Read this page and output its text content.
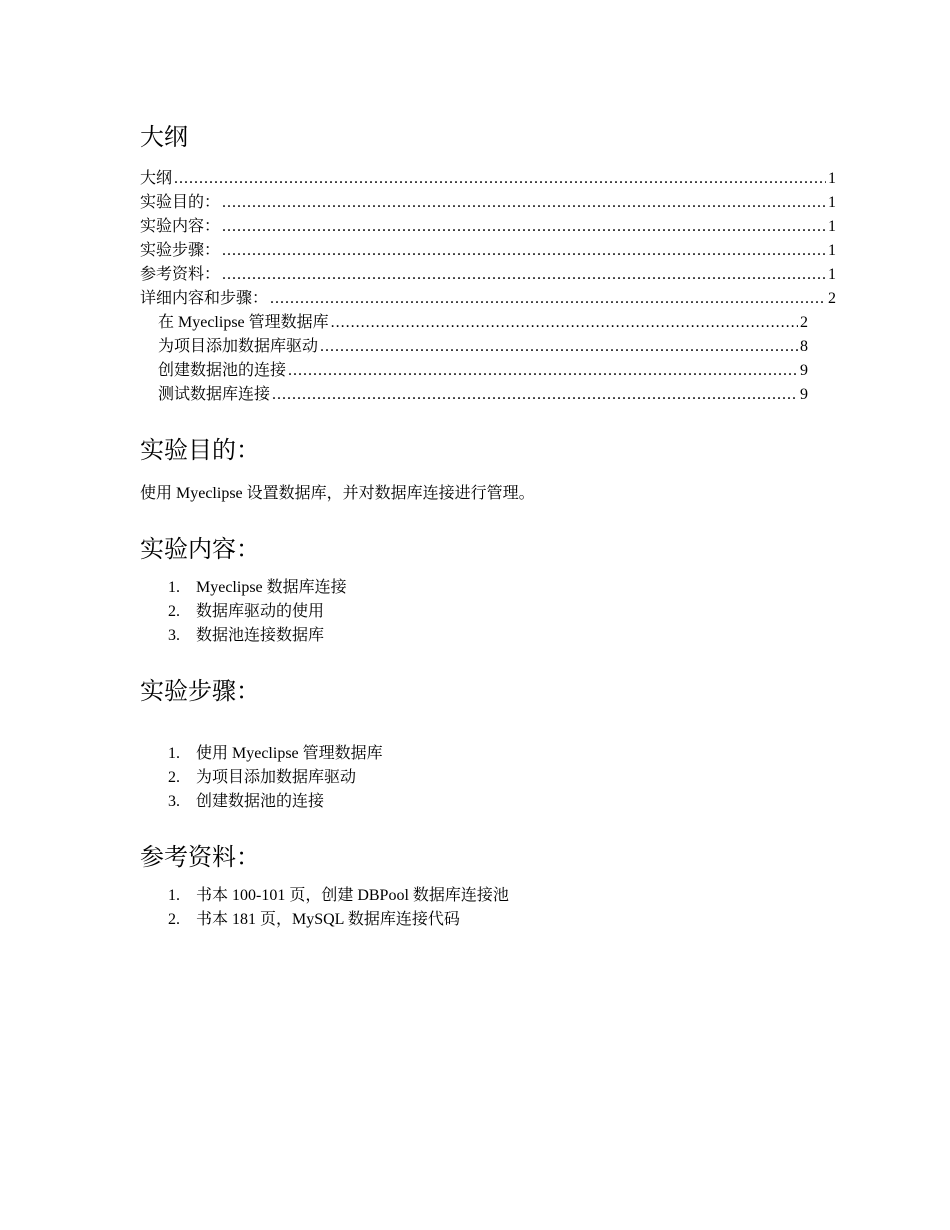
大纲
大纲 .....	1
实验目的： .....	1
实验内容： .....	1
实验步骤： .....	1
参考资料： .....	1
详细内容和步骤： .....	2
在 Myeclipse 管理数据库 .....	2
为项目添加数据库驱动 .....	8
创建数据池的连接 .....	9
测试数据库连接 .....	9
实验目的：
使用 Myeclipse 设置数据库，并对数据库连接进行管理。
实验内容：
1.	Myeclipse 数据库连接
2.	数据库驱动的使用
3.	数据池连接数据库
实验步骤：
1.	使用 Myeclipse 管理数据库
2.	为项目添加数据库驱动
3.	创建数据池的连接
参考资料：
1.	书本 100-101 页，创建 DBPool 数据库连接池
2.	书本 181 页，MySQL 数据库连接代码
